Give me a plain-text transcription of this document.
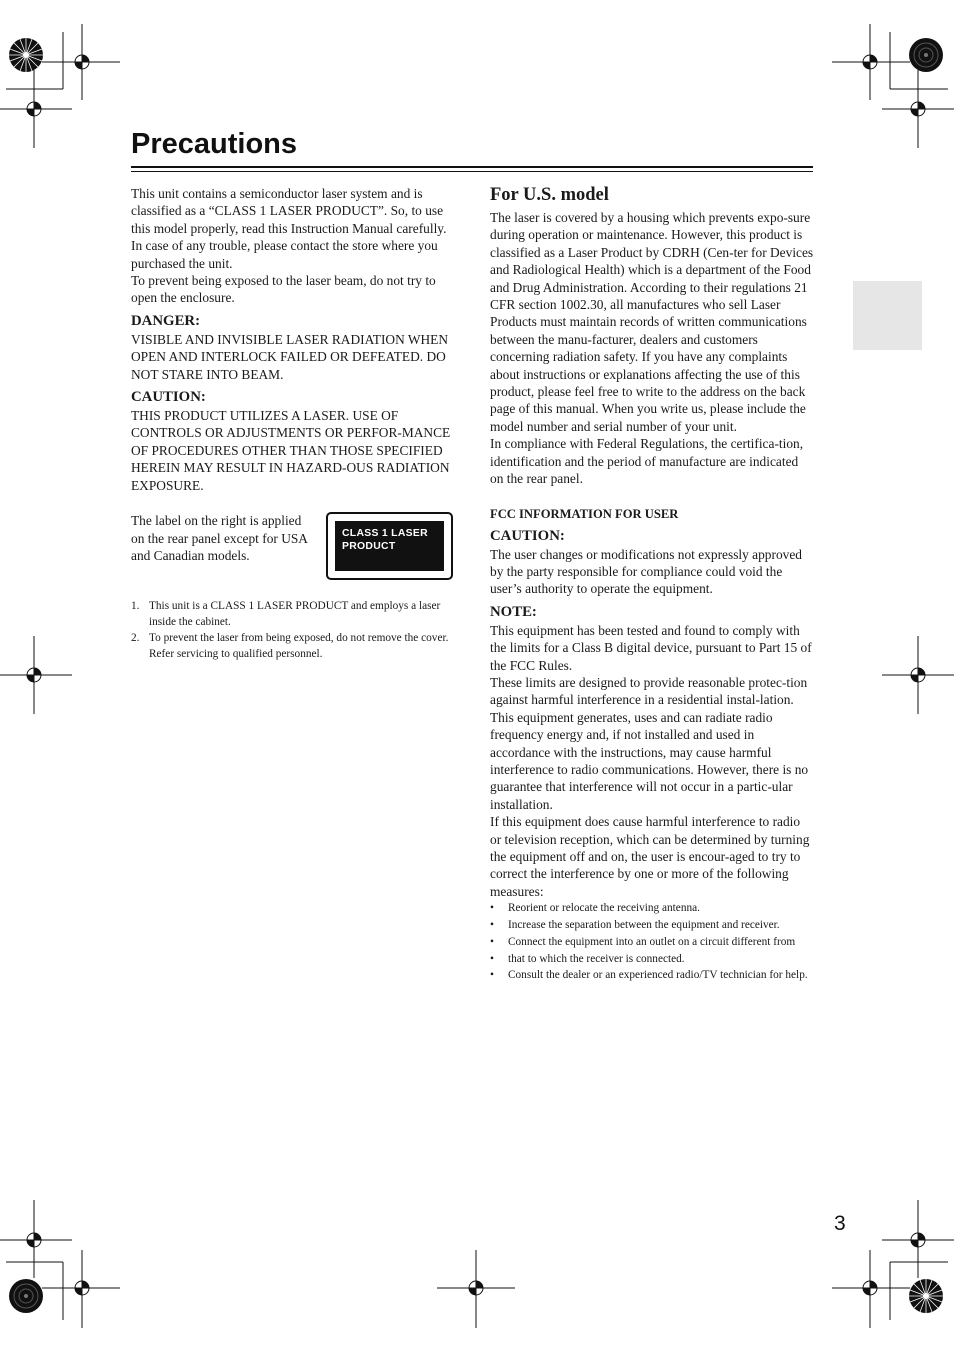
Precautions

This unit contains a semiconductor laser system and is classified as a “CLASS 1 LASER PRODUCT”. So, to use this model properly, read this Instruction Manual carefully. In case of any trouble, please contact the store where you purchased the unit.

To prevent being exposed to the laser beam, do not try to open the enclosure.

DANGER:

VISIBLE AND INVISIBLE LASER RADIATION WHEN OPEN AND INTERLOCK FAILED OR DEFEATED. DO NOT STARE INTO BEAM.

CAUTION:

THIS PRODUCT UTILIZES A LASER. USE OF CONTROLS OR ADJUSTMENTS OR PERFOR-MANCE OF PROCEDURES OTHER THAN THOSE SPECIFIED HEREIN MAY RESULT IN HAZARD-OUS RADIATION EXPOSURE.

The label on the right is applied on the rear panel except for USA and Canadian models.

CLASS 1 LASER
PRODUCT
1. This unit is a CLASS 1 LASER PRODUCT and employs a laser inside the cabinet.
2. To prevent the laser from being exposed, do not remove the cover. Refer servicing to qualified personnel.

For U.S. model

The laser is covered by a housing which prevents expo-sure during operation or maintenance. However, this product is classified as a Laser Product by CDRH (Cen-ter for Devices and Radiological Health) which is a department of the Food and Drug Administration. According to their regulations 21 CFR section 1002.30, all manufactures who sell Laser Products must maintain records of written communications between the manu-facturer, dealers and customers concerning radiation safety. If you have any complaints about instructions or explanations affecting the use of this product, please feel free to write to the address on the back page of this manual. When you write us, please include the model number and serial number of your unit.

In compliance with Federal Regulations, the certifica-tion, identification and the period of manufacture are indicated on the rear panel.

FCC INFORMATION FOR USER

CAUTION:

The user changes or modifications not expressly approved by the party responsible for compliance could void the user’s authority to operate the equipment.

NOTE:

This equipment has been tested and found to comply with the limits for a Class B digital device, pursuant to Part 15 of the FCC Rules.

These limits are designed to provide reasonable protec-tion against harmful interference in a residential instal-lation. This equipment generates, uses and can radiate radio frequency energy and, if not installed and used in accordance with the instructions, may cause harmful interference to radio communications. However, there is no guarantee that interference will not occur in a partic-ular installation.

If this equipment does cause harmful interference to radio or television reception, which can be determined by turning the equipment off and on, the user is encour-aged to try to correct the interference by one or more of the following measures:

•	Reorient or relocate the receiving antenna.
•	Increase the separation between the equipment and receiver.
•	Connect the equipment into an outlet on a circuit different from
•	that to which the receiver is connected.
•	Consult the dealer or an experienced radio/TV technician for help.
3
